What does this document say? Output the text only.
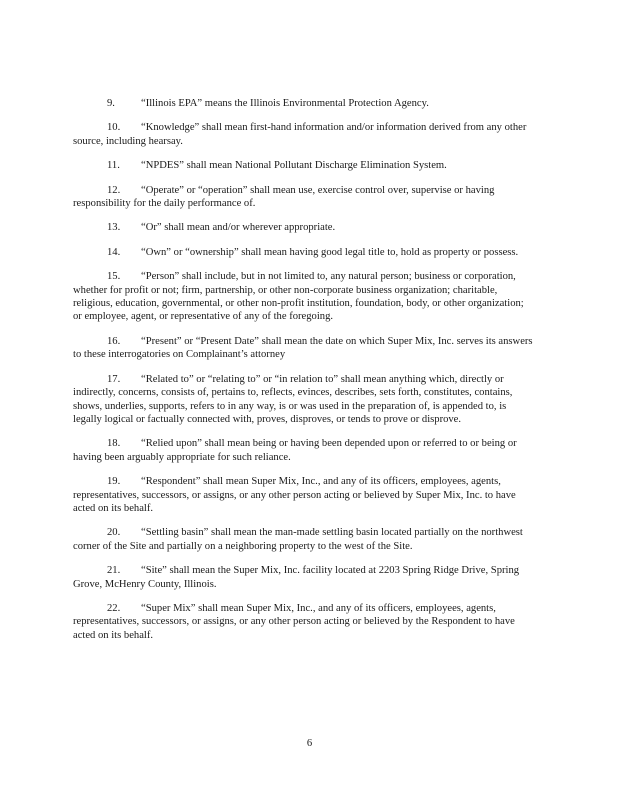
9. “Illinois EPA” means the Illinois Environmental Protection Agency.

10. “Knowledge” shall mean first-hand information and/or information derived from any other source, including hearsay.

11. “NPDES” shall mean National Pollutant Discharge Elimination System.

12. “Operate” or “operation” shall mean use, exercise control over, supervise or having responsibility for the daily performance of.

13. “Or” shall mean and/or wherever appropriate.

14. “Own” or “ownership” shall mean having good legal title to, hold as property or possess.

15. “Person” shall include, but in not limited to, any natural person; business or corporation, whether for profit or not; firm, partnership, or other non-corporate business organization; charitable, religious, education, governmental, or other non-profit institution, foundation, body, or other organization; or employee, agent, or representative of any of the foregoing.

16. “Present” or “Present Date” shall mean the date on which Super Mix, Inc. serves its answers to these interrogatories on Complainant’s attorney

17. “Related to” or “relating to” or “in relation to” shall mean anything which, directly or indirectly, concerns, consists of, pertains to, reflects, evinces, describes, sets forth, constitutes, contains, shows, underlies, supports, refers to in any way, is or was used in the preparation of, is appended to, is legally logical or factually connected with, proves, disproves, or tends to prove or disprove.

18. “Relied upon” shall mean being or having been depended upon or referred to or being or having been arguably appropriate for such reliance.

19. “Respondent” shall mean Super Mix, Inc., and any of its officers, employees, agents, representatives, successors, or assigns, or any other person acting or believed by Super Mix, Inc. to have acted on its behalf.

20. “Settling basin” shall mean the man-made settling basin located partially on the northwest corner of the Site and partially on a neighboring property to the west of the Site.

21. “Site” shall mean the Super Mix, Inc. facility located at 2203 Spring Ridge Drive, Spring Grove, McHenry County, Illinois.

22. “Super Mix” shall mean Super Mix, Inc., and any of its officers, employees, agents, representatives, successors, or assigns, or any other person acting or believed by the Respondent to have acted on its behalf.

6
